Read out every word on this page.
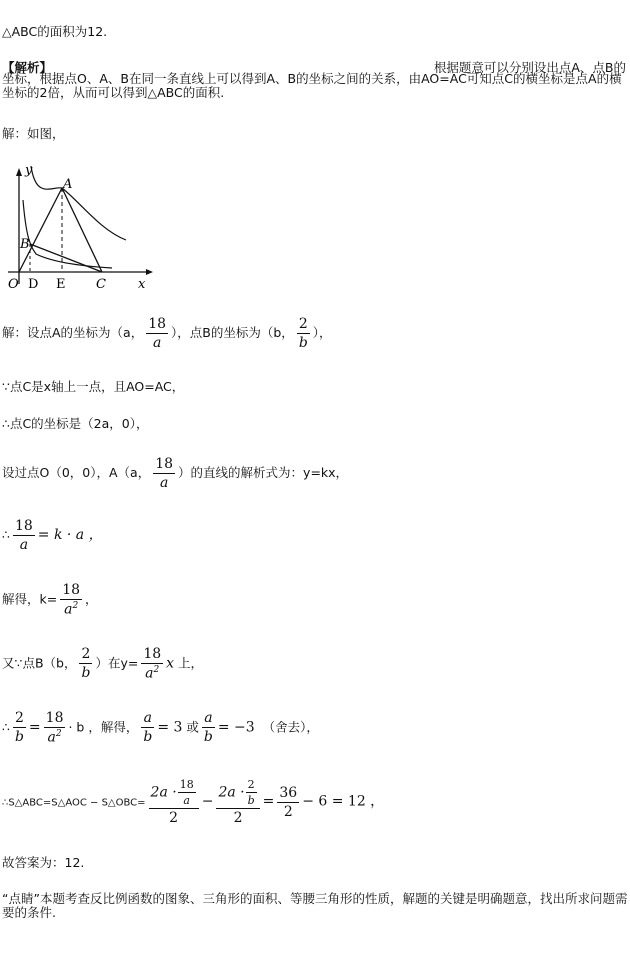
△ABC的面积为12.
【解析】	根据题意可以分别设出点A、点B的
坐标，根据点O、A、B在同一条直线上可以得到A、B的坐标之间的关系，由AO=AC可知点C的横坐标是点A的横坐标的2倍，从而可以得到△ABC的面积.
解：如图，
y
A
B
O D E C x
解：设点A的坐标为（a， $\frac{18}{a}$ ），点B的坐标为（b， $\frac{2}{b}$ ），
∵点C是x轴上一点，且AO=AC，
∴点C的坐标是（2a，0），
设过点O（0，0），A（a， $\frac{18}{a}$ ）的直线的解析式为：y=kx，
∴ $\frac{18}{a} = k \cdot a$ ，
解得，$k= \frac{18}{a^2}$ ，
又∵点B（b， $\frac{2}{b}$ ）在$y= \frac{18}{a^2}$ x 上，
∴ $\frac{2}{b} = \frac{18}{a^2} \cdot b$ ，解得， $\frac{a}{b} = 3$ 或 $\frac{a}{b} = -3$ （舍去），
∴S△ABC=S△AOC − S△OBC= $\frac{2a \cdot \frac{18}{a}}{2} - \frac{2a \cdot \frac{2}{b}}{2} = \frac{36}{2} - 6 = 12$ ，
故答案为：12.
“点睛”本题考查反比例函数的图象、三角形的面积、等腰三角形的性质，解题的关键是明确题意，找出所求问题需要的条件.
